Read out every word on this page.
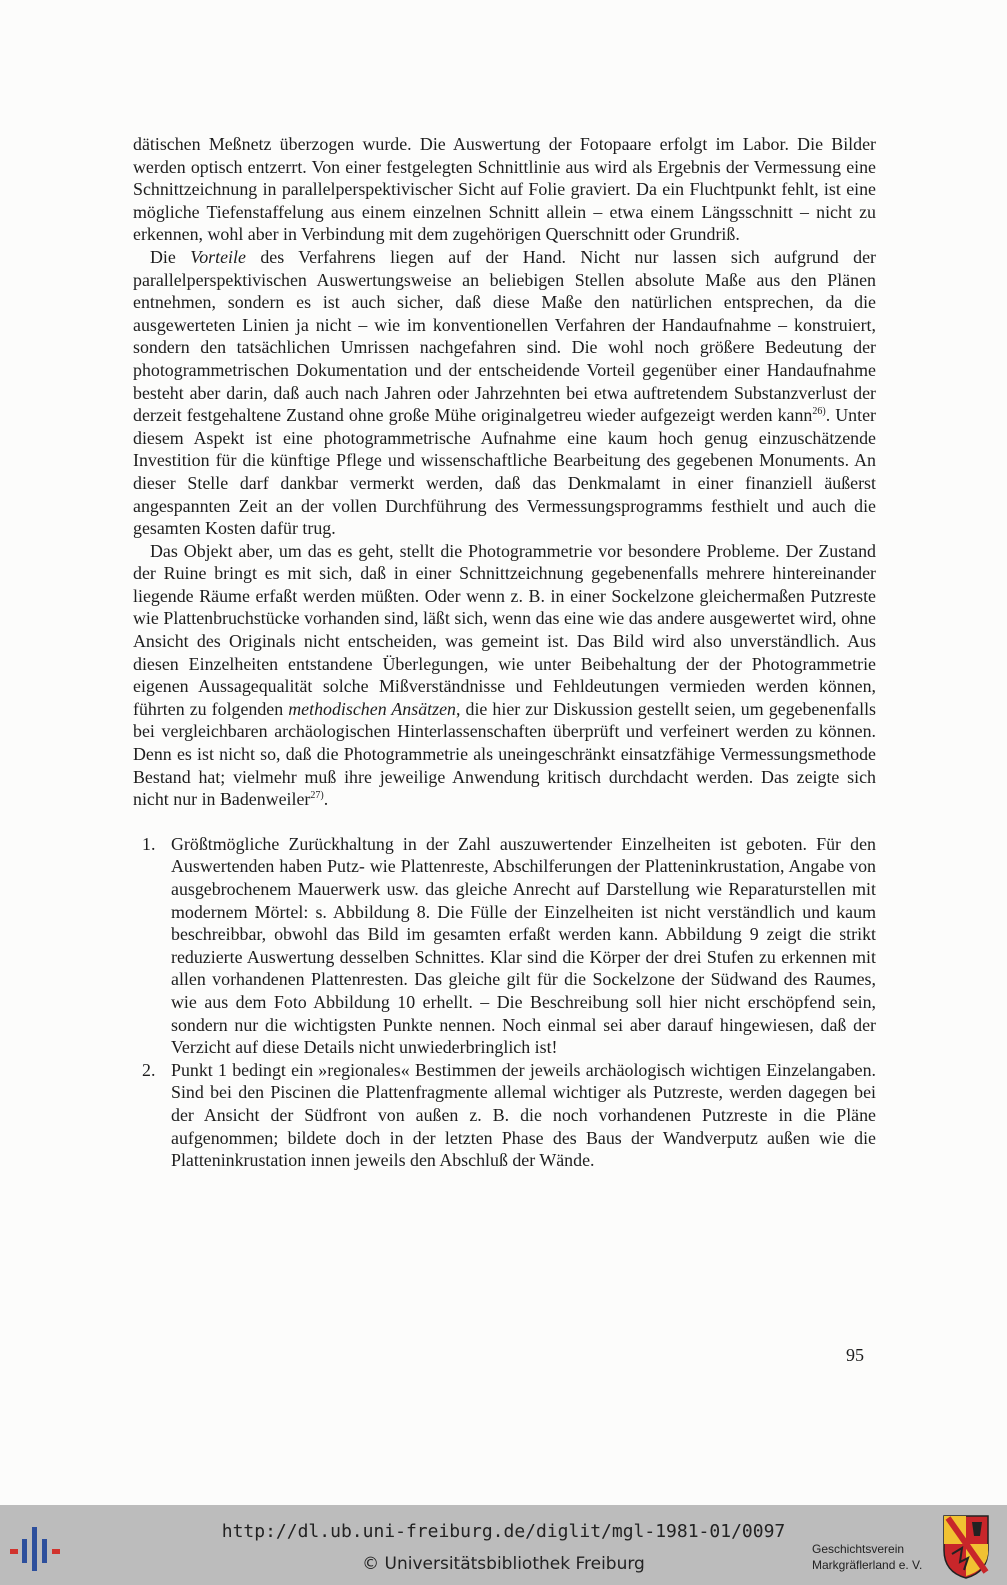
dätischen Meßnetz überzogen wurde. Die Auswertung der Fotopaare erfolgt im Labor. Die Bilder werden optisch entzerrt. Von einer festgelegten Schnittlinie aus wird als Ergebnis der Vermessung eine Schnittzeichnung in parallelperspektivischer Sicht auf Folie graviert. Da ein Fluchtpunkt fehlt, ist eine mögliche Tiefenstaffelung aus einem einzelnen Schnitt allein – etwa einem Längsschnitt – nicht zu erkennen, wohl aber in Verbindung mit dem zugehörigen Querschnitt oder Grundriß.

Die Vorteile des Verfahrens liegen auf der Hand. Nicht nur lassen sich aufgrund der parallelperspektivischen Auswertungsweise an beliebigen Stellen absolute Maße aus den Plänen entnehmen, sondern es ist auch sicher, daß diese Maße den natürlichen entsprechen, da die ausgewerteten Linien ja nicht – wie im konventionellen Verfahren der Handaufnahme – konstruiert, sondern den tatsächlichen Umrissen nachgefahren sind. Die wohl noch größere Bedeutung der photogrammetrischen Dokumentation und der entscheidende Vorteil gegenüber einer Handaufnahme besteht aber darin, daß auch nach Jahren oder Jahrzehnten bei etwa auftretendem Substanzverlust der derzeit festgehaltene Zustand ohne große Mühe originalgetreu wieder aufgezeigt werden kann$^{26)}$. Unter diesem Aspekt ist eine photogrammetrische Aufnahme eine kaum hoch genug einzuschätzende Investition für die künftige Pflege und wissenschaftliche Bearbeitung des gegebenen Monuments. An dieser Stelle darf dankbar vermerkt werden, daß das Denkmalamt in einer finanziell äußerst angespannten Zeit an der vollen Durchführung des Vermessungsprogramms festhielt und auch die gesamten Kosten dafür trug.

Das Objekt aber, um das es geht, stellt die Photogrammetrie vor besondere Probleme. Der Zustand der Ruine bringt es mit sich, daß in einer Schnittzeichnung gegebenenfalls mehrere hintereinander liegende Räume erfaßt werden müßten. Oder wenn z. B. in einer Sockelzone gleichermaßen Putzreste wie Plattenbruchstücke vorhanden sind, läßt sich, wenn das eine wie das andere ausgewertet wird, ohne Ansicht des Originals nicht entscheiden, was gemeint ist. Das Bild wird also unverständlich. Aus diesen Einzelheiten entstandene Überlegungen, wie unter Beibehaltung der der Photogrammetrie eigenen Aussagequalität solche Mißverständnisse und Fehldeutungen vermieden werden können, führten zu folgenden methodischen Ansätzen, die hier zur Diskussion gestellt seien, um gegebenenfalls bei vergleichbaren archäologischen Hinterlassenschaften überprüft und verfeinert werden zu können. Denn es ist nicht so, daß die Photogrammetrie als uneingeschränkt einsatzfähige Vermessungsmethode Bestand hat; vielmehr muß ihre jeweilige Anwendung kritisch durchdacht werden. Das zeigte sich nicht nur in Badenweiler$^{27)}$.

1. Größtmögliche Zurückhaltung in der Zahl auszuwertender Einzelheiten ist geboten. Für den Auswertenden haben Putz- wie Plattenreste, Abschilferungen der Platteninkrustation, Angabe von ausgebrochenem Mauerwerk usw. das gleiche Anrecht auf Darstellung wie Reparaturstellen mit modernem Mörtel: s. Abbildung 8. Die Fülle der Einzelheiten ist nicht verständlich und kaum beschreibbar, obwohl das Bild im gesamten erfaßt werden kann. Abbildung 9 zeigt die strikt reduzierte Auswertung desselben Schnittes. Klar sind die Körper der drei Stufen zu erkennen mit allen vorhandenen Plattenresten. Das gleiche gilt für die Sockelzone der Südwand des Raumes, wie aus dem Foto Abbildung 10 erhellt. – Die Beschreibung soll hier nicht erschöpfend sein, sondern nur die wichtigsten Punkte nennen. Noch einmal sei aber darauf hingewiesen, daß der Verzicht auf diese Details nicht unwiederbringlich ist!
2. Punkt 1 bedingt ein »regionales« Bestimmen der jeweils archäologisch wichtigen Einzelangaben. Sind bei den Piscinen die Plattenfragmente allemal wichtiger als Putzreste, werden dagegen bei der Ansicht der Südfront von außen z. B. die noch vorhandenen Putzreste in die Pläne aufgenommen; bildete doch in der letzten Phase des Baus der Wandverputz außen wie die Platteninkrustation innen jeweils den Abschluß der Wände.
95
http://dl.ub.uni-freiburg.de/diglit/mgl-1981-01/0097
© Universitätsbibliothek Freiburg
Geschichtsverein
Markgräflerland e. V.
